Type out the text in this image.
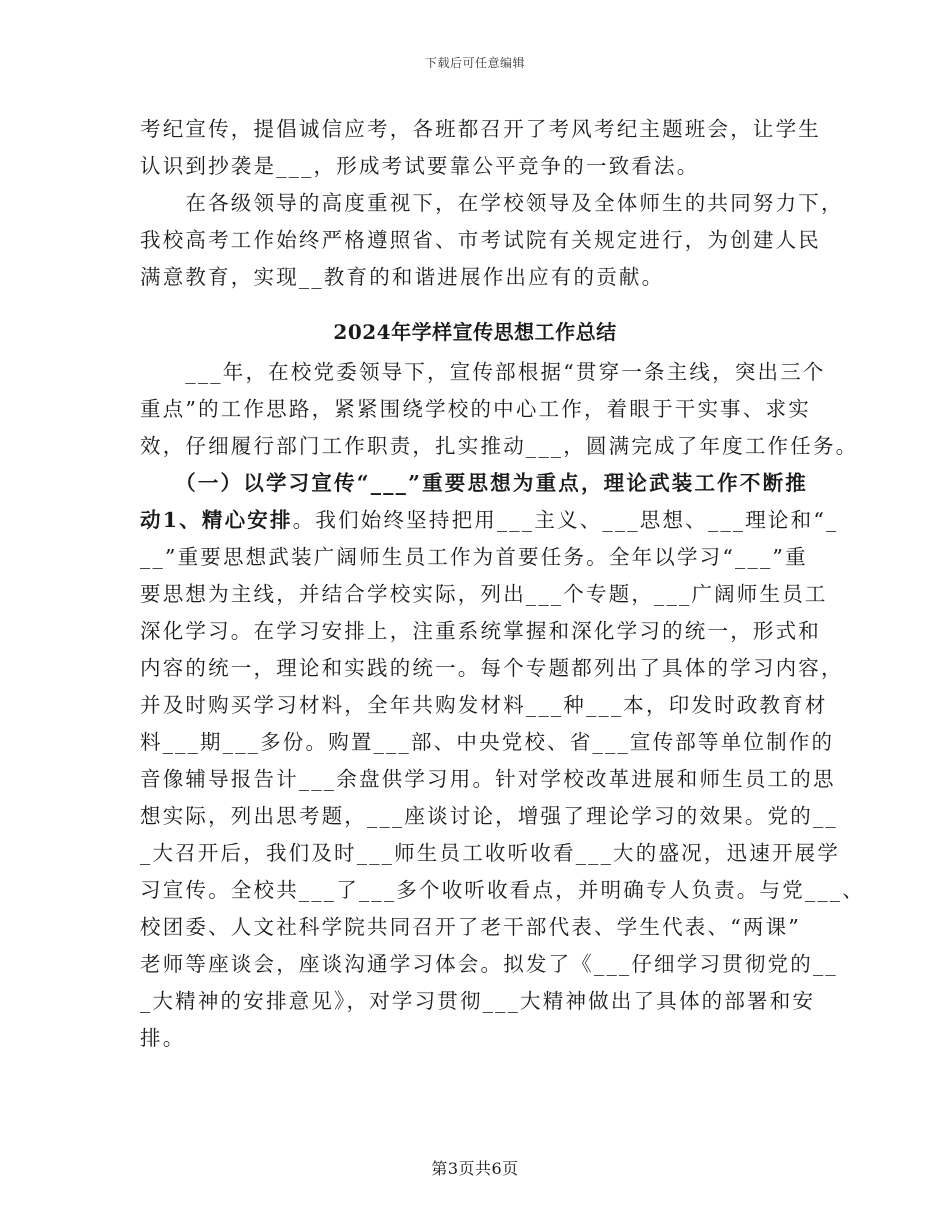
下载后可任意编辑
考纪宣传，提倡诚信应考，各班都召开了考风考纪主题班会，让学生
认识到抄袭是___，形成考试要靠公平竞争的一致看法。
　　在各级领导的高度重视下，在学校领导及全体师生的共同努力下，
我校高考工作始终严格遵照省、市考试院有关规定进行，为创建人民
满意教育，实现__教育的和谐进展作出应有的贡献。
2024年学样宣传思想工作总结
　　___年，在校党委领导下，宣传部根据“贯穿一条主线，突出三个
重点”的工作思路，紧紧围绕学校的中心工作，着眼于干实事、求实
效，仔细履行部门工作职责，扎实推动___，圆满完成了年度工作任务。
　　（一）以学习宣传“___”重要思想为重点，理论武装工作不断推
动1、精心安排。我们始终坚持把用___主义、___思想、___理论和“_
__”重要思想武装广阔师生员工作为首要任务。全年以学习“___”重
要思想为主线，并结合学校实际，列出___个专题，___广阔师生员工
深化学习。在学习安排上，注重系统掌握和深化学习的统一，形式和
内容的统一，理论和实践的统一。每个专题都列出了具体的学习内容，
并及时购买学习材料，全年共购发材料___种___本，印发时政教育材
料___期___多份。购置___部、中央党校、省___宣传部等单位制作的
音像辅导报告计___余盘供学习用。针对学校改革进展和师生员工的思
想实际，列出思考题，___座谈讨论，增强了理论学习的效果。党的__
_大召开后，我们及时___师生员工收听收看___大的盛况，迅速开展学
习宣传。全校共___了___多个收听收看点，并明确专人负责。与党___、
校团委、人文社科学院共同召开了老干部代表、学生代表、“两课”
老师等座谈会，座谈沟通学习体会。拟发了《___仔细学习贯彻党的__
_大精神的安排意见》，对学习贯彻___大精神做出了具体的部署和安
排。
第3页共6页
